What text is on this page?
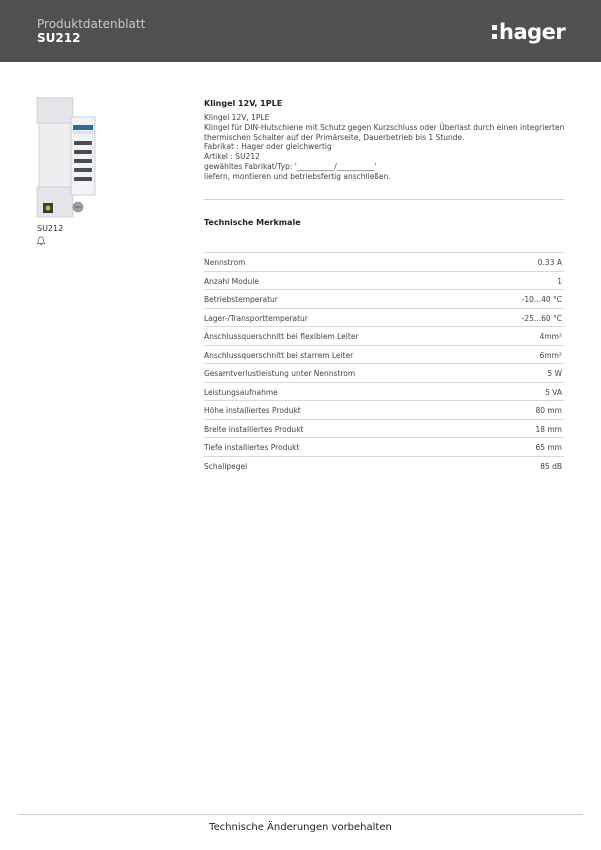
Produktdatenblatt
SU212	hager
SU212
Klingel 12V, 1PLE
Klingel 12V, 1PLE
Klingel für DIN-Hutschiene mit Schutz gegen Kurzschluss oder Überlast durch einen integrierten
thermischen Schalter auf der Primärseite, Dauerbetrieb bis 1 Stunde.
Fabrikat : Hager oder gleichwertig
Artikel : SU212
gewähltes Fabrikat/Typ: '__________/__________'
liefern, montieren und betriebsfertig anschließen.
Technische Merkmale
Nennstrom	0.33 A
Anzahl Module	1
Betriebstemperatur	-10...40 °C
Lager-/Transporttemperatur	-25...60 °C
Anschlussquerschnitt bei flexiblem Leiter	4mm²
Anschlussquerschnitt bei starrem Leiter	6mm²
Gesamtverlustleistung unter Nennstrom	5 W
Leistungsaufnahme	5 VA
Höhe installiertes Produkt	80 mm
Breite installiertes Produkt	18 mm
Tiefe installiertes Produkt	65 mm
Schallpegel	85 dB
Technische Änderungen vorbehalten
